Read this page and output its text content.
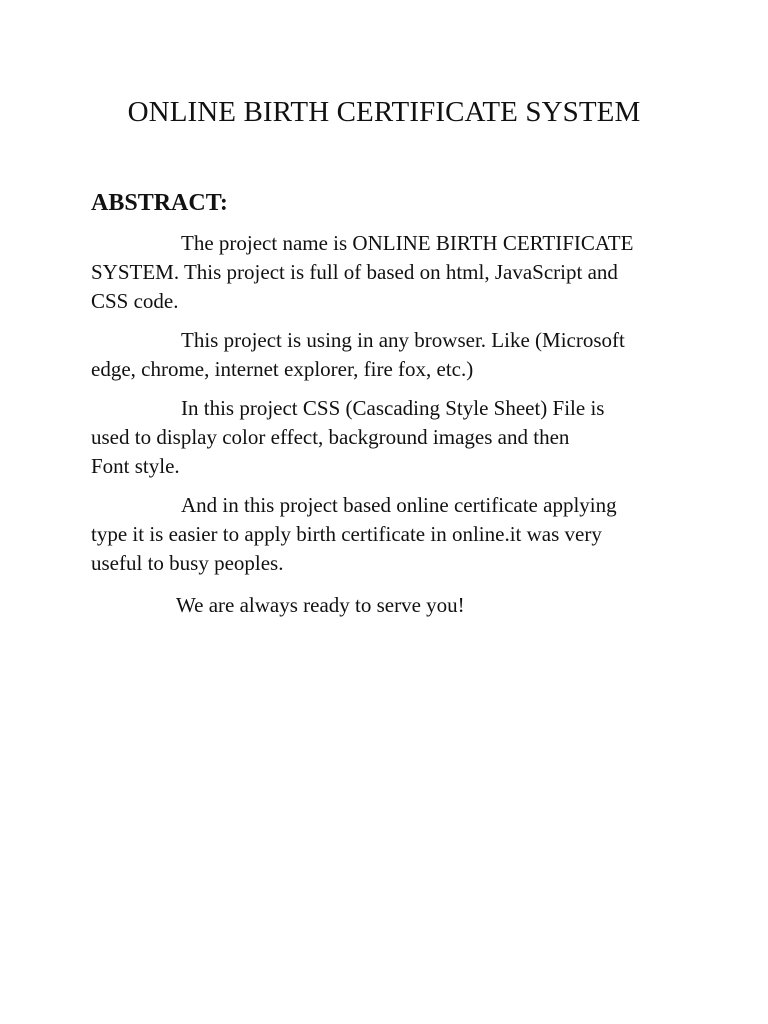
ONLINE BIRTH CERTIFICATE SYSTEM
ABSTRACT:

The project name is ONLINE BIRTH CERTIFICATE
SYSTEM. This project is full of based on html, JavaScript and
CSS code.

This project is using in any browser. Like (Microsoft
edge, chrome, internet explorer, fire fox, etc.)

In this project CSS (Cascading Style Sheet) File is
used to display color effect, background images and then
Font style.

And in this project based online certificate applying
type it is easier to apply birth certificate in online.it was very
useful to busy peoples.

We are always ready to serve you!
